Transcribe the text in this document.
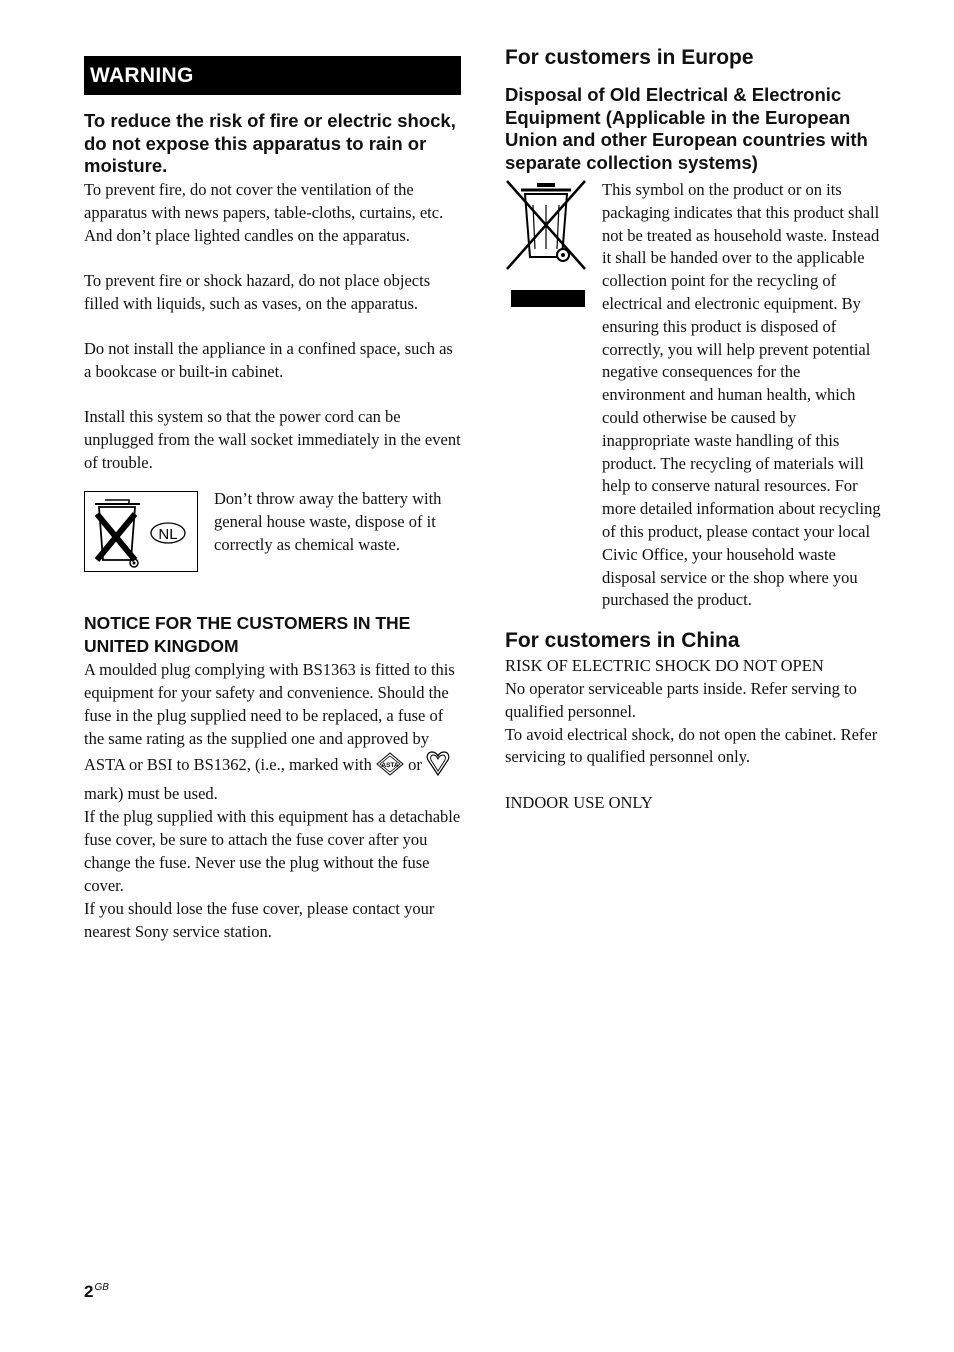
WARNING
To reduce the risk of fire or electric shock, do not expose this apparatus to rain or moisture.

To prevent fire, do not cover the ventilation of the apparatus with news papers, table-cloths, curtains, etc. And don’t place lighted candles on the apparatus.

To prevent fire or shock hazard, do not place objects filled with liquids, such as vases, on the apparatus.

Do not install the appliance in a confined space, such as a bookcase or built-in cabinet.

Install this system so that the power cord can be unplugged from the wall socket immediately in the event of trouble.

NL
Don’t throw away the battery with general house waste, dispose of it correctly as chemical waste.
NOTICE FOR THE CUSTOMERS IN THE UNITED KINGDOM

A moulded plug complying with BS1363 is fitted to this equipment for your safety and convenience. Should the fuse in the plug supplied need to be replaced, a fuse of the same rating as the supplied one and approved by ASTA or BSI to BS1362, (i.e., marked with ASTA or  mark) must be used.

If the plug supplied with this equipment has a detachable fuse cover, be sure to attach the fuse cover after you change the fuse. Never use the plug without the fuse cover.

If you should lose the fuse cover, please contact your nearest Sony service station.

For customers in Europe
Disposal of Old Electrical & Electronic Equipment (Applicable in the European Union and other European countries with separate collection systems)
This symbol on the product or on its packaging indicates that this product shall not be treated as household waste. Instead it shall be handed over to the applicable collection point for the recycling of electrical and electronic equipment. By ensuring this product is disposed of correctly, you will help prevent potential negative consequences for the environment and human health, which could otherwise be caused by inappropriate waste handling of this product. The recycling of materials will help to conserve natural resources. For more detailed information about recycling of this product, please contact your local Civic Office, your household waste disposal service or the shop where you purchased the product.
For customers in China

RISK OF ELECTRIC SHOCK DO NOT OPEN

No operator serviceable parts inside. Refer serving to qualified personnel.

To avoid electrical shock, do not open the cabinet. Refer servicing to qualified personnel only.

INDOOR USE ONLY

$2^{GB}$
